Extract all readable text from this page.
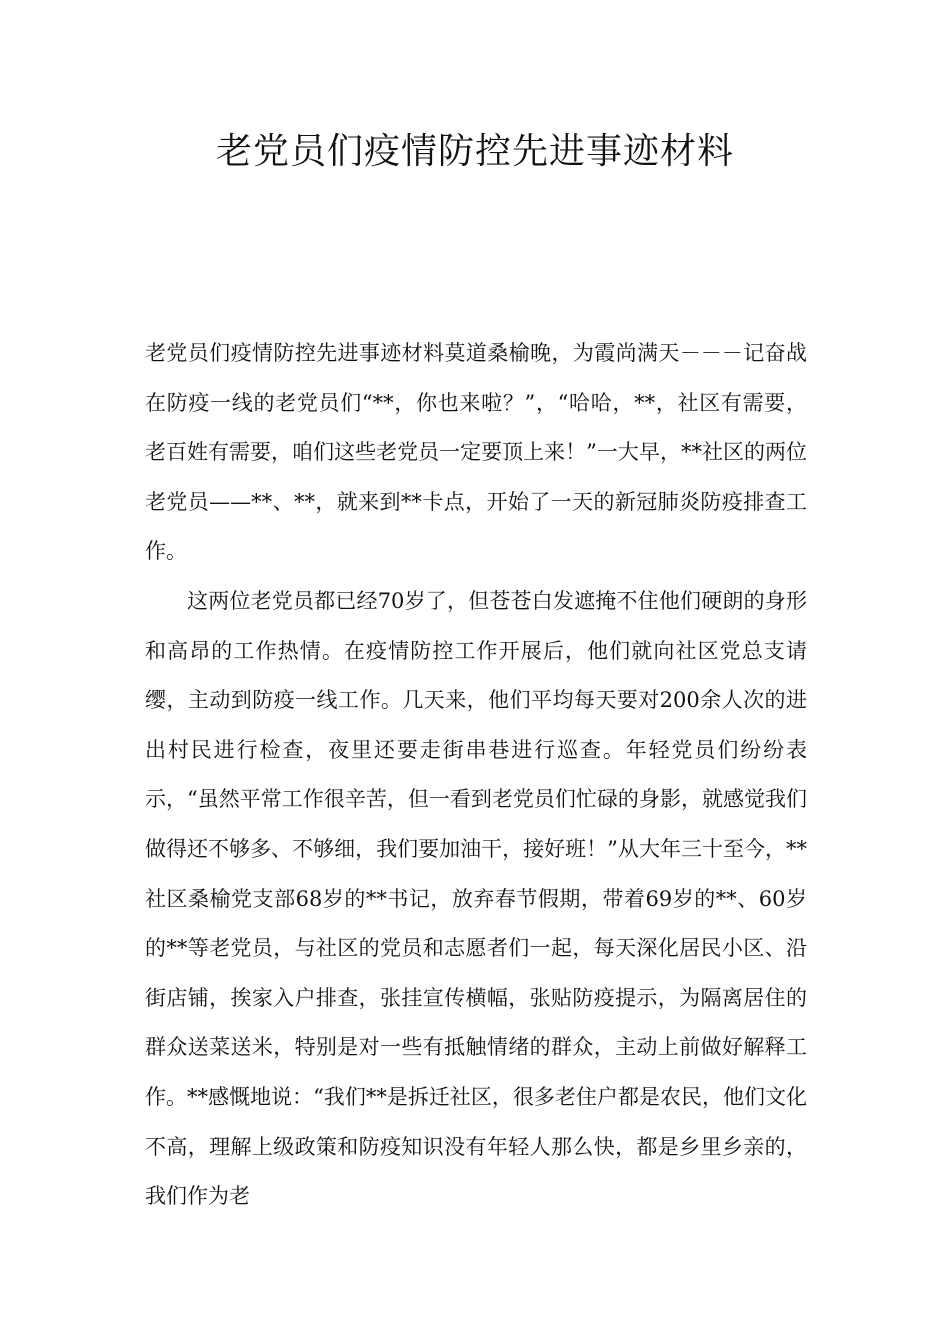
老党员们疫情防控先进事迹材料

老党员们疫情防控先进事迹材料莫道桑榆晚，为霞尚满天－－－记奋战在防疫一线的老党员们“**，你也来啦？”，“哈哈，**，社区有需要，老百姓有需要，咱们这些老党员一定要顶上来！”一大早，**社区的两位老党员——**、**，就来到**卡点，开始了一天的新冠肺炎防疫排查工作。

这两位老党员都已经70岁了，但苍苍白发遮掩不住他们硬朗的身形和高昂的工作热情。在疫情防控工作开展后，他们就向社区党总支请缨，主动到防疫一线工作。几天来，他们平均每天要对200余人次的进出村民进行检查，夜里还要走街串巷进行巡查。年轻党员们纷纷表示，“虽然平常工作很辛苦，但一看到老党员们忙碌的身影，就感觉我们做得还不够多、不够细，我们要加油干，接好班！”从大年三十至今，**社区桑榆党支部68岁的**书记，放弃春节假期，带着69岁的**、60岁的**等老党员，与社区的党员和志愿者们一起，每天深化居民小区、沿街店铺，挨家入户排查，张挂宣传横幅，张贴防疫提示，为隔离居住的群众送菜送米，特别是对一些有抵触情绪的群众，主动上前做好解释工作。**感慨地说：“我们**是拆迁社区，很多老住户都是农民，他们文化不高，理解上级政策和防疫知识没有年轻人那么快，都是乡里乡亲的，我们作为老
